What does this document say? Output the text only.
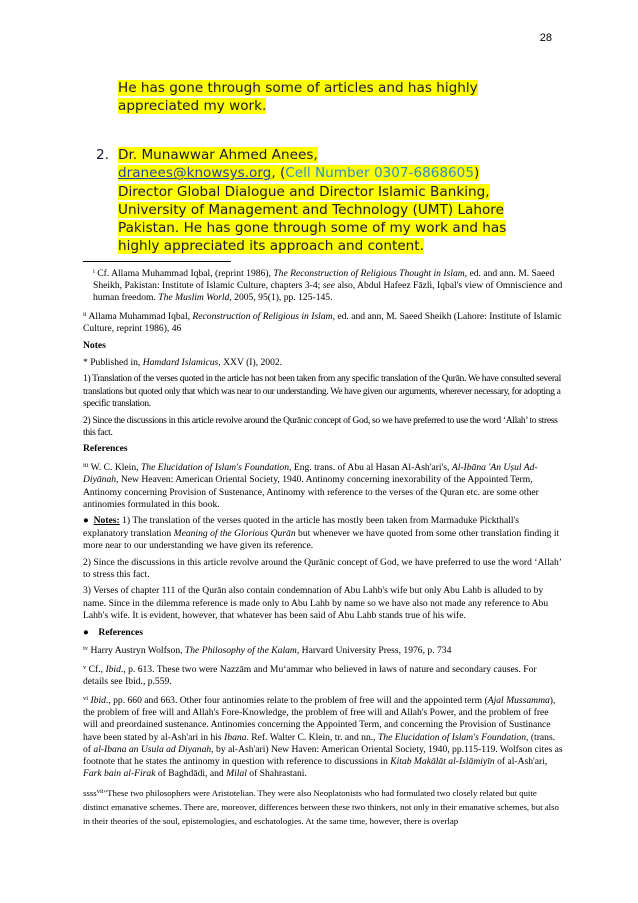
28
He has gone through some of articles and has highly appreciated my work.
2. Dr. Munawwar Ahmed Anees,
dranees@knowsys.org, (Cell Number 0307-6868605) Director Global Dialogue and Director Islamic Banking, University of Management and Technology (UMT) Lahore Pakistan. He has gone through some of my work and has highly appreciated its approach and content.

$^i$ Cf. Allama Muhammad Iqbal, (reprint 1986), The Reconstruction of Religious Thought in Islam, ed. and ann. M. Saeed Sheikh, Pakistan: Institute of Islamic Culture, chapters 3-4; see also, Abdul Hafeez Fāzli, Iqbal's view of Omniscience and human freedom. The Muslim World, 2005, 95(1), pp. 125-145.

$^{ii}$ Allama Muhammad Iqbal, Reconstruction of Religious in Islam, ed. and ann, M. Saeed Sheikh (Lahore: Institute of Islamic Culture, reprint 1986), 46

Notes

* Published in, Hamdard Islamicus, XXV (I), 2002.

1) Translation of the verses quoted in the article has not been taken from any specific translation of the Qurān. We have consulted several translations but quoted only that which was near to our understanding. We have given our arguments, wherever necessary, for adopting a specific translation.

2) Since the discussions in this article revolve around the Qurānic concept of God, so we have preferred to use the word ‘Allah’ to stress this fact.

References

$^{iii}$ W. C. Klein, The Elucidation of Islam's Foundation, Eng. trans. of Abu al Hasan Al-Ash'ari's, Al-Ibāna 'An Uṣul Ad-Diyānah, New Heaven: American Oriental Society, 1940. Antinomy concerning inexorability of the Appointed Term, Antinomy concerning Provision of Sustenance, Antinomy with reference to the verses of the Quran etc. are some other antinomies formulated in this book.

● Notes: 1) The translation of the verses quoted in the article has mostly been taken from Marmaduke Pickthall's explanatory translation Meaning of the Glorious Qurān but whenever we have quoted from some other translation finding it more near to our understanding we have given its reference.

2) Since the discussions in this article revolve around the Qurānic concept of God, we have preferred to use the word ‘Allah’ to stress this fact.

3) Verses of chapter 111 of the Qurān also contain condemnation of Abu Lahb's wife but only Abu Lahb is alluded to by name. Since in the dilemma reference is made only to Abu Lahb by name so we have also not made any reference to Abu Lahb's wife. It is evident, however, that whatever has been said of Abu Lahb stands true of his wife.

● References

$^{iv}$ Harry Austryn Wolfson, The Philosophy of the Kalam, Harvard University Press, 1976, p. 734

$^v$ Cf., Ibid., p. 613. These two were Nazzām and Mu‘ammar who believed in laws of nature and secondary causes. For details see Ibid., p.559.

$^{vi}$ Ibid., pp. 660 and 663. Other four antinomies relate to the problem of free will and the appointed term (Ajal Mussamma), the problem of free will and Allah's Fore-Knowledge, the problem of free will and Allah's Power, and the problem of free will and preordained sustenance. Antinomies concerning the Appointed Term, and concerning the Provision of Sustinance have been stated by al-Ash'ari in his Ibana. Ref. Walter C. Klein, tr. and nn., The Elucidation of Islam's Foundation, (trans. of al-Ibana an Usula ad Diyanah, by al-Ash'ari) New Haven: American Oriental Society, 1940, pp.115-119. Wolfson cites as footnote that he states the antinomy in question with reference to discussions in Kitab Makālāt al-Islāmiyīn of al-Ash'ari, Fark bain al-Firak of Baghdādi, and Milal of Shahrastani.

ssss$^{vii}$"These two philosophers were Aristotelian. They were also Neoplatonists who had formulated two closely related but quite distinct emanative schemes. There are, moreover, differences between these two thinkers, not only in their emanative schemes, but also in their theories of the soul, epistemologies, and eschatologies. At the same time, however, there is overlap
